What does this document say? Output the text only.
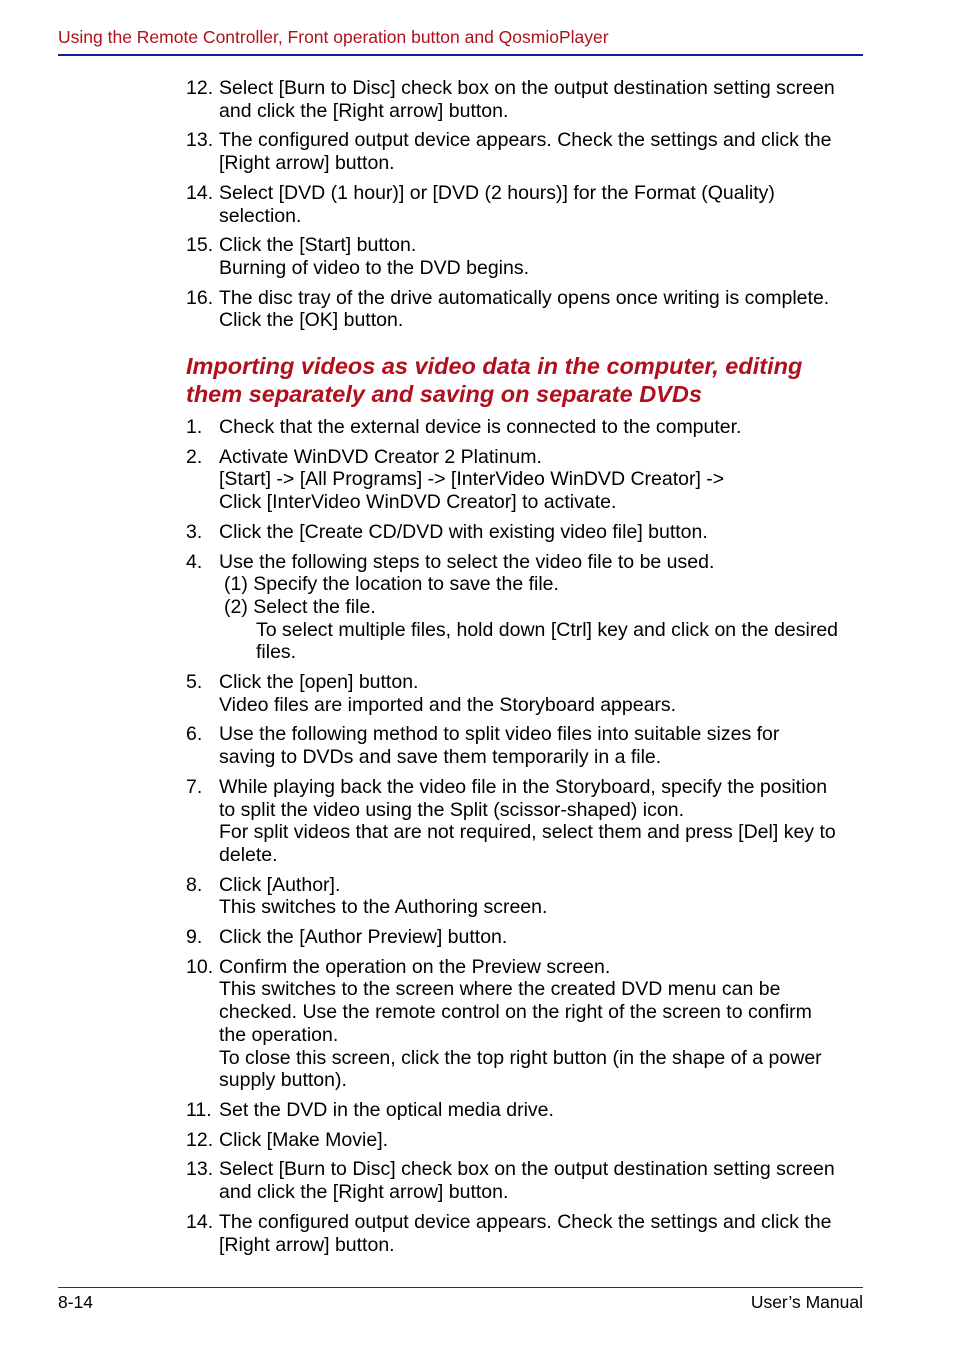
Using the Remote Controller, Front operation button and QosmioPlayer
12. Select [Burn to Disc] check box on the output destination setting screen
and click the [Right arrow] button.
13. The configured output device appears. Check the settings and click the
[Right arrow] button.
14. Select [DVD (1 hour)] or [DVD (2 hours)] for the Format (Quality)
selection.
15. Click the [Start] button.
Burning of video to the DVD begins.
16. The disc tray of the drive automatically opens once writing is complete.
Click the [OK] button.
Importing videos as video data in the computer, editing
them separately and saving on separate DVDs
1. Check that the external device is connected to the computer.
2. Activate WinDVD Creator 2 Platinum.
[Start] -> [All Programs] -> [InterVideo WinDVD Creator] ->
Click [InterVideo WinDVD Creator] to activate.
3. Click the [Create CD/DVD with existing video file] button.
4. Use the following steps to select the video file to be used.
(1) Specify the location to save the file.
(2) Select the file.
To select multiple files, hold down [Ctrl] key and click on the desired
files.
5. Click the [open] button.
Video files are imported and the Storyboard appears.
6. Use the following method to split video files into suitable sizes for
saving to DVDs and save them temporarily in a file.
7. While playing back the video file in the Storyboard, specify the position
to split the video using the Split (scissor-shaped) icon.
For split videos that are not required, select them and press [Del] key to
delete.
8. Click [Author].
This switches to the Authoring screen.
9. Click the [Author Preview] button.
10. Confirm the operation on the Preview screen.
This switches to the screen where the created DVD menu can be
checked. Use the remote control on the right of the screen to confirm
the operation.
To close this screen, click the top right button (in the shape of a power
supply button).
11. Set the DVD in the optical media drive.
12. Click [Make Movie].
13. Select [Burn to Disc] check box on the output destination setting screen
and click the [Right arrow] button.
14. The configured output device appears. Check the settings and click the
[Right arrow] button.
8-14	User’s Manual
